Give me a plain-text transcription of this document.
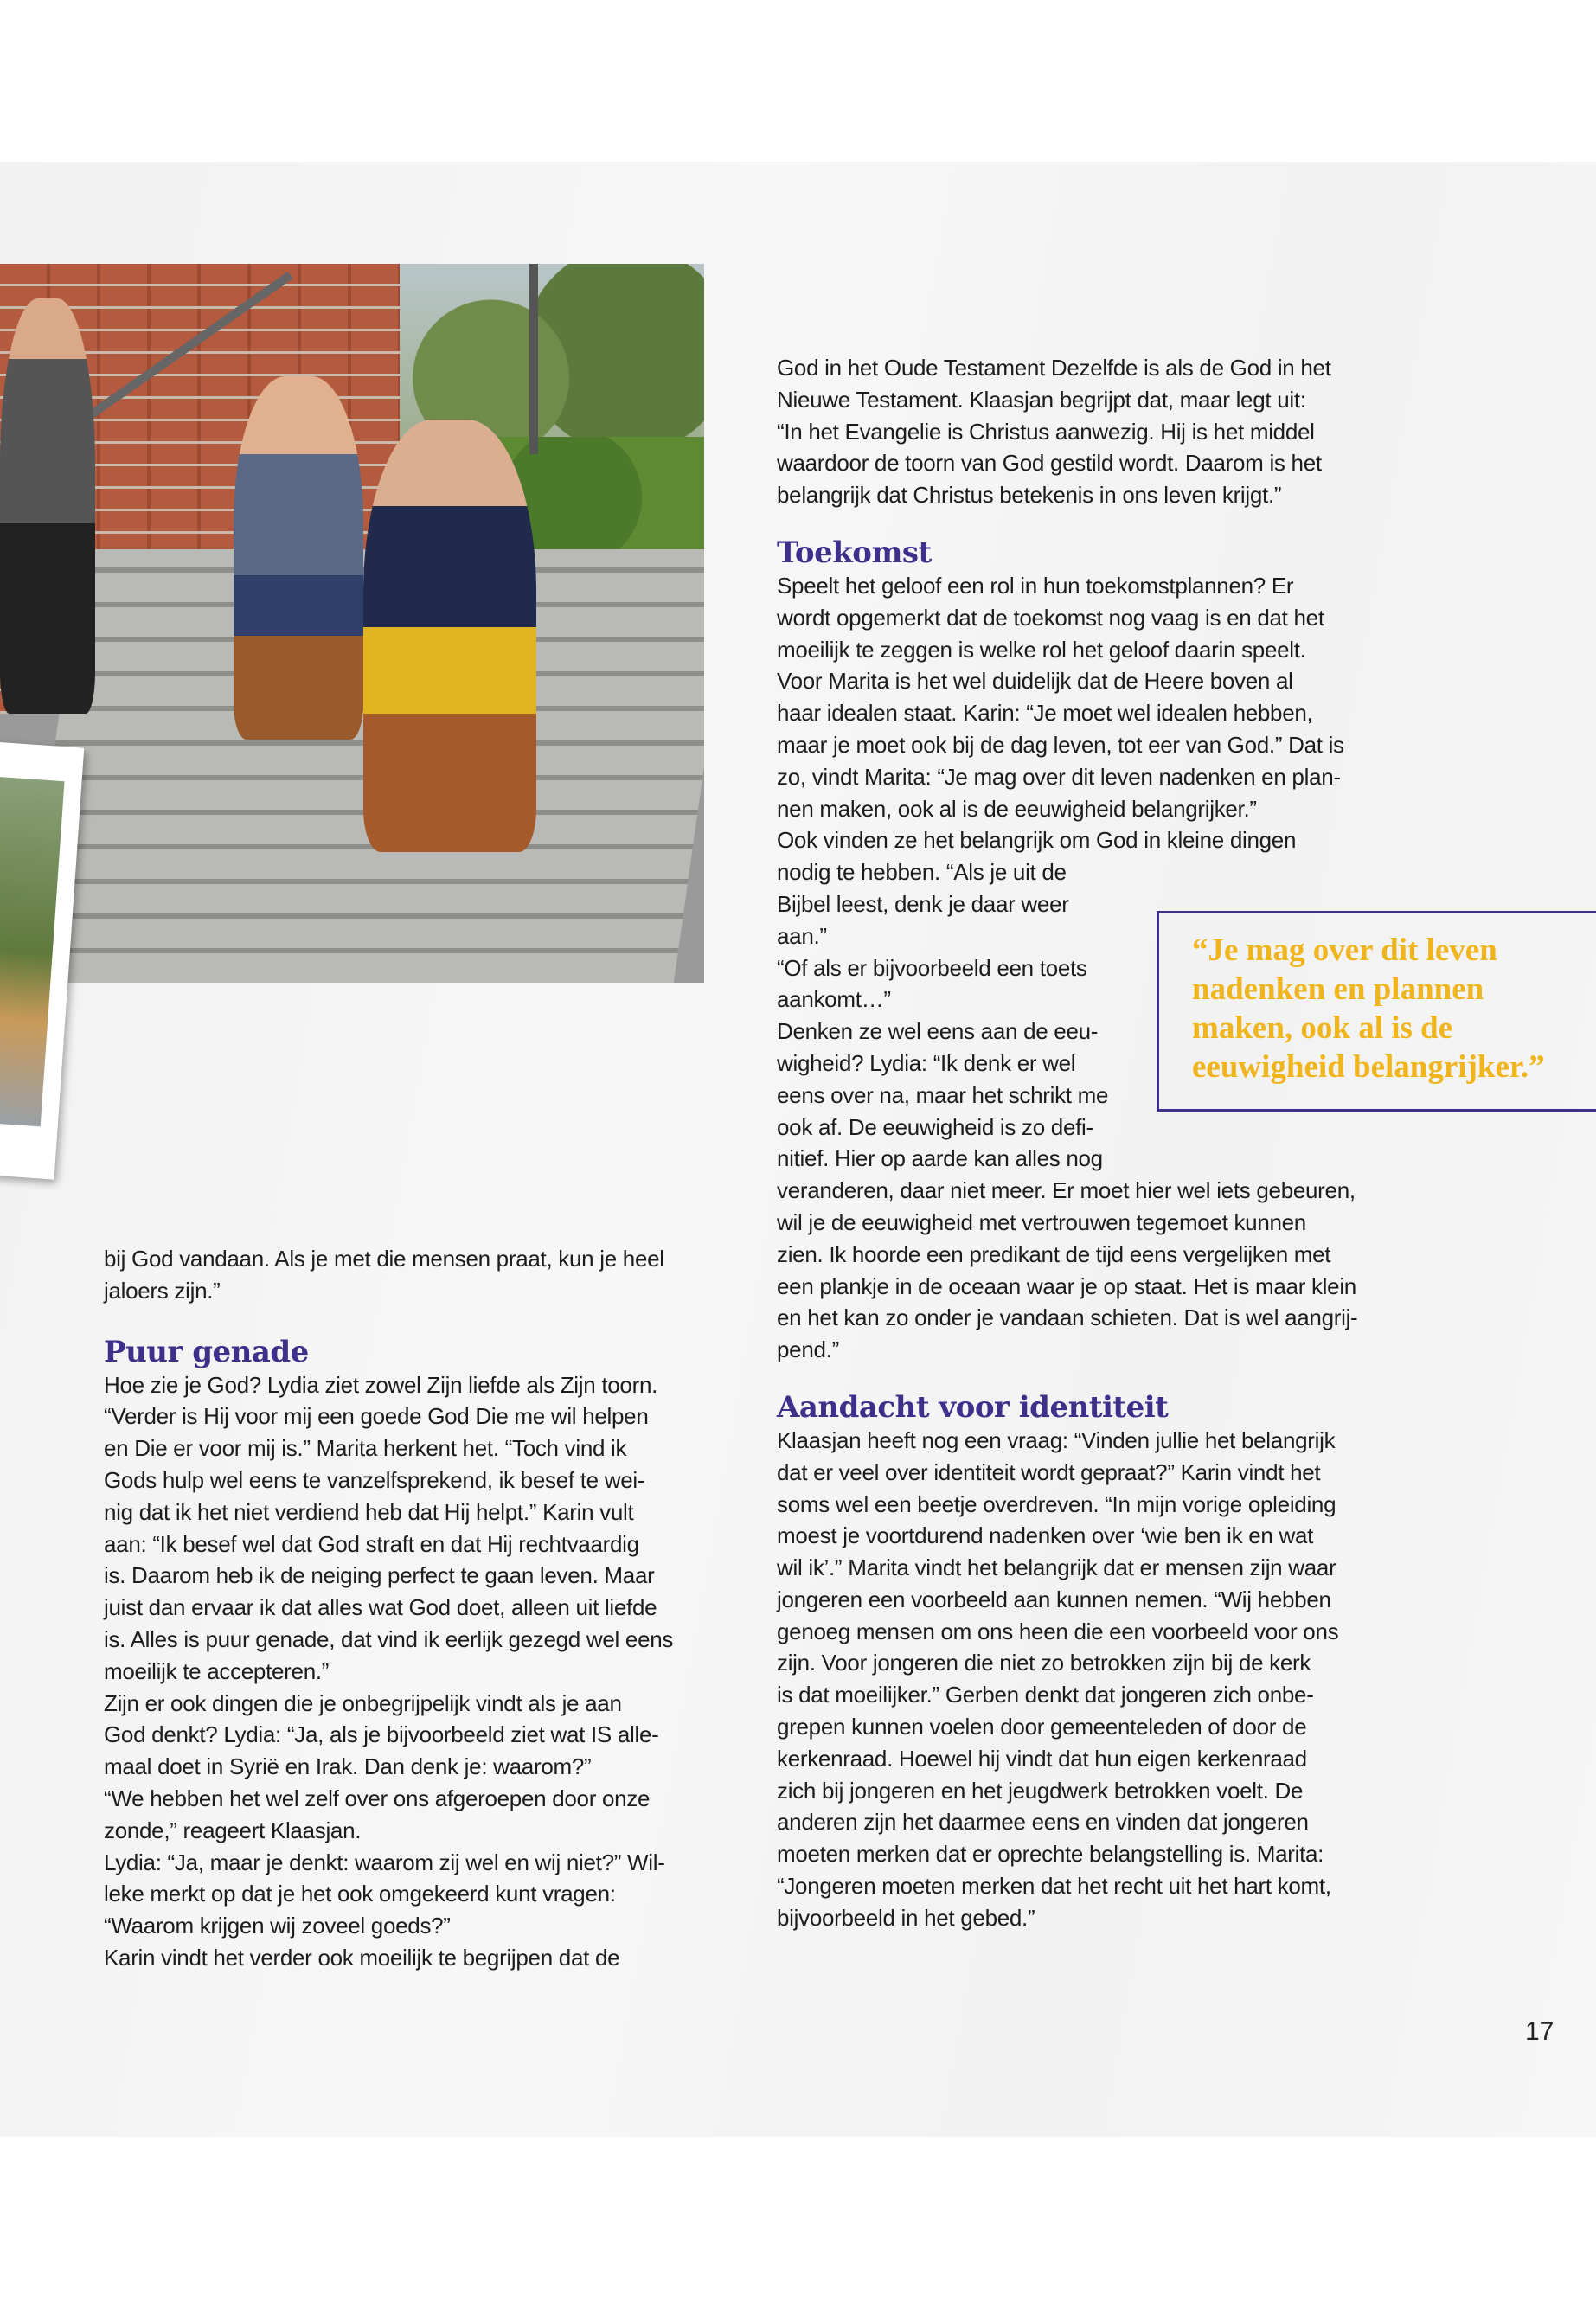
bij God vandaan. Als je met die mensen praat, kun je heel
jaloers zijn.”
Puur genade
Hoe zie je God? Lydia ziet zowel Zijn liefde als Zijn toorn.
“Verder is Hij voor mij een goede God Die me wil helpen
en Die er voor mij is.” Marita herkent het. “Toch vind ik
Gods hulp wel eens te vanzelfsprekend, ik besef te wei-
nig dat ik het niet verdiend heb dat Hij helpt.” Karin vult
aan: “Ik besef wel dat God straft en dat Hij rechtvaardig
is. Daarom heb ik de neiging perfect te gaan leven. Maar
juist dan ervaar ik dat alles wat God doet, alleen uit liefde
is. Alles is puur genade, dat vind ik eerlijk gezegd wel eens
moeilijk te accepteren.”
Zijn er ook dingen die je onbegrijpelijk vindt als je aan
God denkt? Lydia: “Ja, als je bijvoorbeeld ziet wat IS alle-
maal doet in Syrië en Irak. Dan denk je: waarom?”
“We hebben het wel zelf over ons afgeroepen door onze
zonde,” reageert Klaasjan.
Lydia: “Ja, maar je denkt: waarom zij wel en wij niet?” Wil-
leke merkt op dat je het ook omgekeerd kunt vragen:
“Waarom krijgen wij zoveel goeds?”
Karin vindt het verder ook moeilijk te begrijpen dat de
God in het Oude Testament Dezelfde is als de God in het
Nieuwe Testament. Klaasjan begrijpt dat, maar legt uit:
“In het Evangelie is Christus aanwezig. Hij is het middel
waardoor de toorn van God gestild wordt. Daarom is het
belangrijk dat Christus betekenis in ons leven krijgt.”
Toekomst
Speelt het geloof een rol in hun toekomstplannen? Er
wordt opgemerkt dat de toekomst nog vaag is en dat het
moeilijk te zeggen is welke rol het geloof daarin speelt.
Voor Marita is het wel duidelijk dat de Heere boven al
haar idealen staat. Karin: “Je moet wel idealen hebben,
maar je moet ook bij de dag leven, tot eer van God.” Dat is
zo, vindt Marita: “Je mag over dit leven nadenken en plan-
nen maken, ook al is de eeuwigheid belangrijker.”
Ook vinden ze het belangrijk om God in kleine dingen
nodig te hebben. “Als je uit de
Bijbel leest, denk je daar weer
aan.”
“Of als er bijvoorbeeld een toets
aankomt…”
Denken ze wel eens aan de eeu-
wigheid? Lydia: “Ik denk er wel
eens over na, maar het schrikt me
ook af. De eeuwigheid is zo defi-
nitief. Hier op aarde kan alles nog
veranderen, daar niet meer. Er moet hier wel iets gebeuren,
wil je de eeuwigheid met vertrouwen tegemoet kunnen
zien. Ik hoorde een predikant de tijd eens vergelijken met
een plankje in de oceaan waar je op staat. Het is maar klein
en het kan zo onder je vandaan schieten. Dat is wel aangrij-
pend.”
Aandacht voor identiteit
Klaasjan heeft nog een vraag: “Vinden jullie het belangrijk
dat er veel over identiteit wordt gepraat?” Karin vindt het
soms wel een beetje overdreven. “In mijn vorige opleiding
moest je voortdurend nadenken over ‘wie ben ik en wat
wil ik’.” Marita vindt het belangrijk dat er mensen zijn waar
jongeren een voorbeeld aan kunnen nemen. “Wij hebben
genoeg mensen om ons heen die een voorbeeld voor ons
zijn. Voor jongeren die niet zo betrokken zijn bij de kerk
is dat moeilijker.” Gerben denkt dat jongeren zich onbe-
grepen kunnen voelen door gemeenteleden of door de
kerkenraad. Hoewel hij vindt dat hun eigen kerkenraad
zich bij jongeren en het jeugdwerk betrokken voelt. De
anderen zijn het daarmee eens en vinden dat jongeren
moeten merken dat er oprechte belangstelling is. Marita:
“Jongeren moeten merken dat het recht uit het hart komt,
bijvoorbeeld in het gebed.”
“Je mag over dit leven
nadenken en plannen
maken, ook al is de
eeuwigheid belangrijker.”
17
